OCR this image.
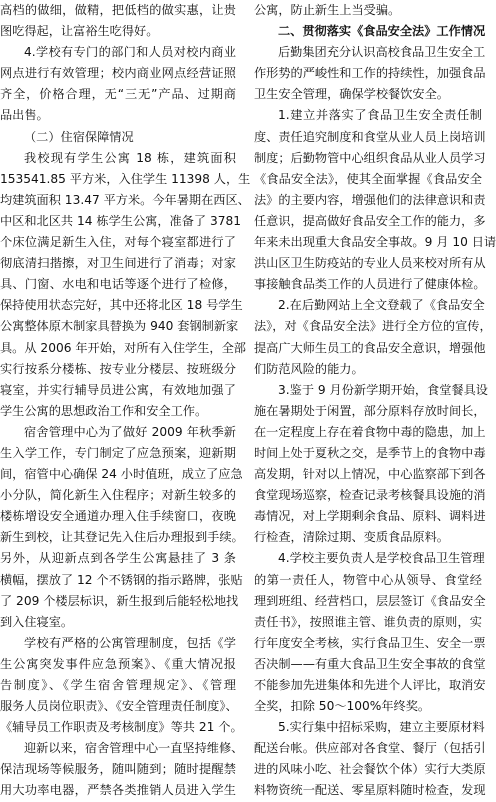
高档的做细，做精，把低档的做实惠，让贵
图吃得起，让富裕生吃得好。
4.学校有专门的部门和人员对校内商业
网点进行有效管理；校内商业网点经营证照
齐全，价格合理，无“三无”产品、过期商
品出售。
（二）住宿保障情况
我校现有学生公寓 18 栋，建筑面积
153541.85 平方米，入住学生 11398 人，生
均建筑面积 13.47 平方米。今年暑期在西区、
中区和北区共 14 栋学生公寓，准备了 3781
个床位满足新生入住，对每个寝室都进行了
彻底清扫揩擦，对卫生间进行了消毒；对家
具、门窗、水电和电话等逐个进行了检修，
保持使用状态完好，其中还将北区 18 号学生
公寓整体原木制家具替换为 940 套钢制新家
具。从 2006 年开始，对所有入住学生，全部
实行按系分楼栋、按专业分楼层、按班级分
寝室，并实行辅导员进公寓，有效地加强了
学生公寓的思想政治工作和安全工作。
宿舍管理中心为了做好 2009 年秋季新
生入学工作，专门制定了应急预案，迎新期
间，宿管中心确保 24 小时值班，成立了应急
小分队，简化新生入住程序；对新生较多的
楼栋增设安全通道办理入住手续窗口，夜晚
新生到校，让其登记先入住后办理报到手续。
另外，从迎新点到各学生公寓悬挂了 3 条
横幅，摆放了 12 个不锈钢的指示路牌，张贴
了 209 个楼层标识，新生报到后能轻松地找
到入住寝室。
学校有严格的公寓管理制度，包括《学
生公寓突发事件应急预案》、《重大情况报
告制度》、《学生宿舍管理规定》、《管理
服务人员岗位职责》、《安全管理责任制度》、
《辅导员工作职责及考核制度》等共 21 个。
迎新以来，宿舍管理中心一直坚持维修、
保洁现场等候服务，随叫随到；随时提醒禁
用大功率电器，严禁各类推销人员进入学生
公寓，防止新生上当受骗。
二、贯彻落实《食品安全法》工作情况
后勤集团充分认识高校食品卫生安全工
作形势的严峻性和工作的持续性，加强食品
卫生安全管理，确保学校餐饮安全。
1.建立并落实了食品卫生安全责任制
度、责任追究制度和食堂从业人员上岗培训
制度；后勤物管中心组织食品从业人员学习
《食品安全法》，使其全面掌握《食品安全
法》的主要内容，增强他们的法律意识和责
任意识，提高做好食品安全工作的能力，多
年来未出现重大食品安全事故。9 月 10 日请
洪山区卫生防疫站的专业人员来校对所有从
事接触食品类工作的人员进行了健康体检。
2.在后勤网站上全文登载了《食品安全
法》，对《食品安全法》进行全方位的宣传，
提高广大师生员工的食品安全意识，增强他
们防范风险的能力。
3.鉴于 9 月份新学期开始，食堂餐具设
施在暑期处于闲置，部分原料存放时间长，
在一定程度上存在着食物中毒的隐患，加上
时间上处于夏秋之交，是季节上的食物中毒
高发期，针对以上情况，中心监察部下到各
食堂现场巡察，检查记录考核餐具设施的消
毒情况，对上学期剩余食品、原料、调料进
行检查，清除过期、变质食品原料。
4.学校主要负责人是学校食品卫生管理
的第一责任人，物管中心从领导、食堂经
理到班组、经营档口，层层签订《食品安全
责任书》，按照谁主管、谁负责的原则，实
行年度安全考核，实行食品卫生、安全一票
否决制——有重大食品卫生安全事故的食堂
不能参加先进集体和先进个人评比，取消安
全奖，扣除 50～100%年终奖。
5.实行集中招标采购，建立主要原材料
配送台帐。供应部对各食堂、餐厅（包括引
进的风味小吃、社会餐饮个体）实行大类原
料物资统一配送、零星原料随时检查，发现
